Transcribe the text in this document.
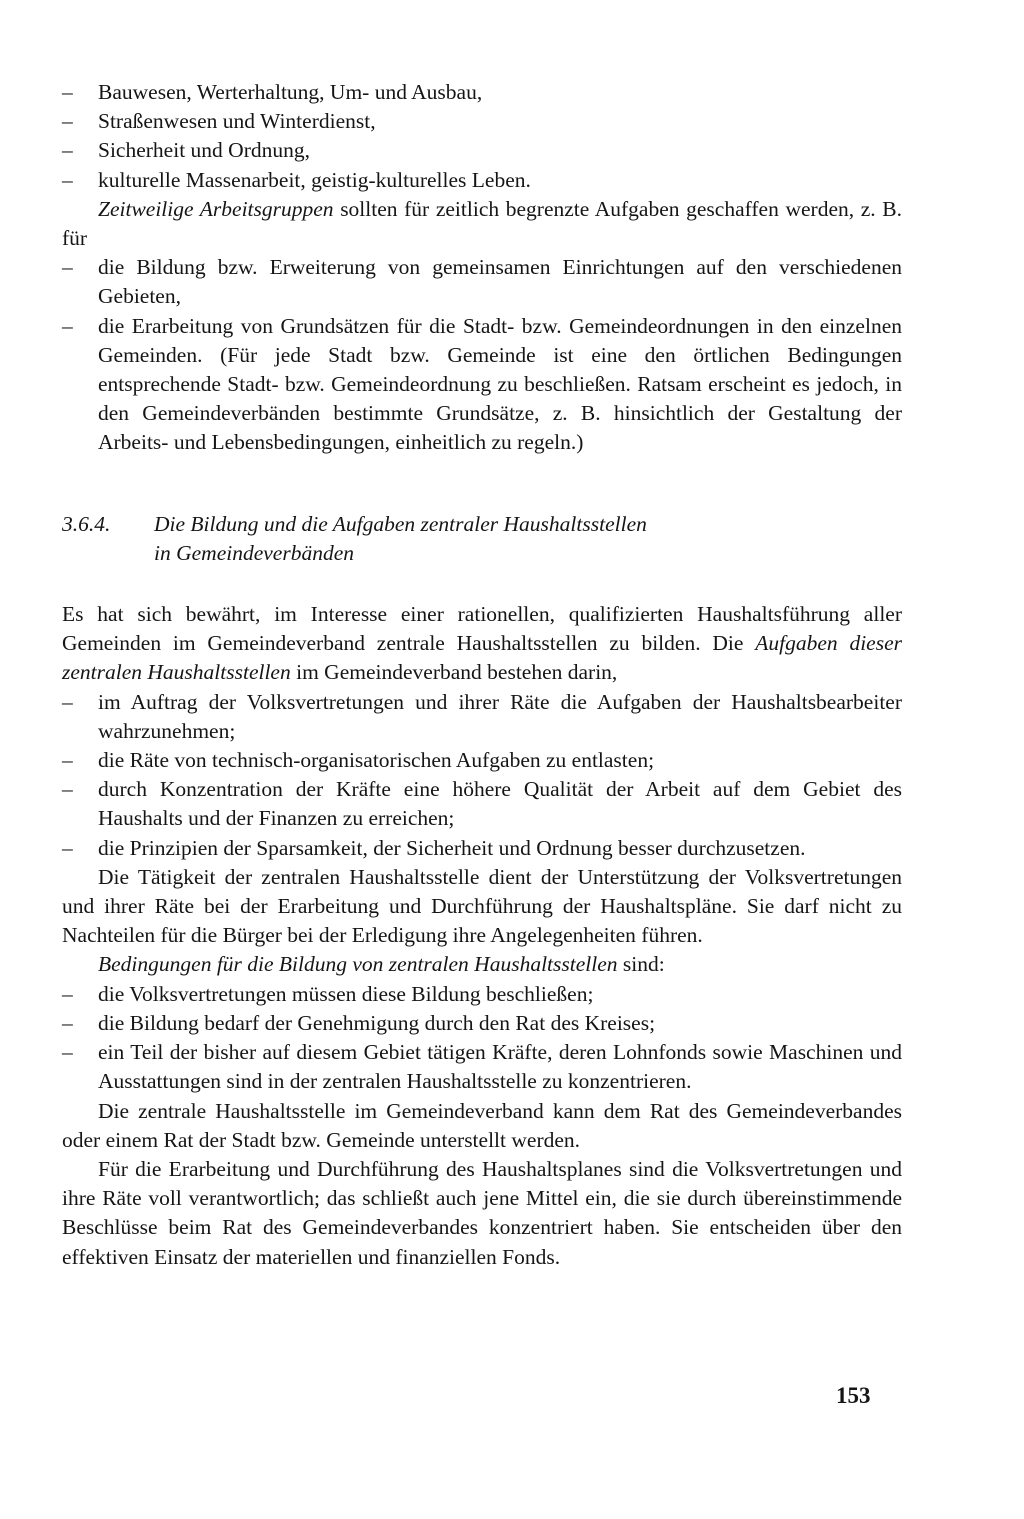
–	Bauwesen, Werterhaltung, Um- und Ausbau,
–	Straßenwesen und Winterdienst,
–	Sicherheit und Ordnung,
–	kulturelle Massenarbeit, geistig-kulturelles Leben.

Zeitweilige Arbeitsgruppen sollten für zeitlich begrenzte Aufgaben geschaffen werden, z. B. für

–	die Bildung bzw. Erweiterung von gemeinsamen Einrichtungen auf den verschiedenen Gebieten,
–	die Erarbeitung von Grundsätzen für die Stadt- bzw. Gemeindeordnungen in den einzelnen Gemeinden. (Für jede Stadt bzw. Gemeinde ist eine den örtlichen Bedingungen entsprechende Stadt- bzw. Gemeindeordnung zu beschließen. Ratsam erscheint es jedoch, in den Gemeindeverbänden bestimmte Grundsätze, z. B. hinsichtlich der Gestaltung der Arbeits- und Lebensbedingungen, einheitlich zu regeln.)
3.6.4. Die Bildung und die Aufgaben zentraler Haushaltsstellen
in Gemeindeverbänden

Es hat sich bewährt, im Interesse einer rationellen, qualifizierten Haushaltsführung aller Gemeinden im Gemeindeverband zentrale Haushaltsstellen zu bilden. Die Aufgaben dieser zentralen Haushaltsstellen im Gemeindeverband bestehen darin,

–	im Auftrag der Volksvertretungen und ihrer Räte die Aufgaben der Haushaltsbearbeiter wahrzunehmen;
–	die Räte von technisch-organisatorischen Aufgaben zu entlasten;
–	durch Konzentration der Kräfte eine höhere Qualität der Arbeit auf dem Gebiet des Haushalts und der Finanzen zu erreichen;
–	die Prinzipien der Sparsamkeit, der Sicherheit und Ordnung besser durchzusetzen.

Die Tätigkeit der zentralen Haushaltsstelle dient der Unterstützung der Volksvertretungen und ihrer Räte bei der Erarbeitung und Durchführung der Haushaltspläne. Sie darf nicht zu Nachteilen für die Bürger bei der Erledigung ihre Angelegenheiten führen.

Bedingungen für die Bildung von zentralen Haushaltsstellen sind:

–	die Volksvertretungen müssen diese Bildung beschließen;
–	die Bildung bedarf der Genehmigung durch den Rat des Kreises;
–	ein Teil der bisher auf diesem Gebiet tätigen Kräfte, deren Lohnfonds sowie Maschinen und Ausstattungen sind in der zentralen Haushaltsstelle zu konzentrieren.

Die zentrale Haushaltsstelle im Gemeindeverband kann dem Rat des Gemeindeverbandes oder einem Rat der Stadt bzw. Gemeinde unterstellt werden.

Für die Erarbeitung und Durchführung des Haushaltsplanes sind die Volksvertretungen und ihre Räte voll verantwortlich; das schließt auch jene Mittel ein, die sie durch übereinstimmende Beschlüsse beim Rat des Gemeindeverbandes konzentriert haben. Sie entscheiden über den effektiven Einsatz der materiellen und finanziellen Fonds.

153
